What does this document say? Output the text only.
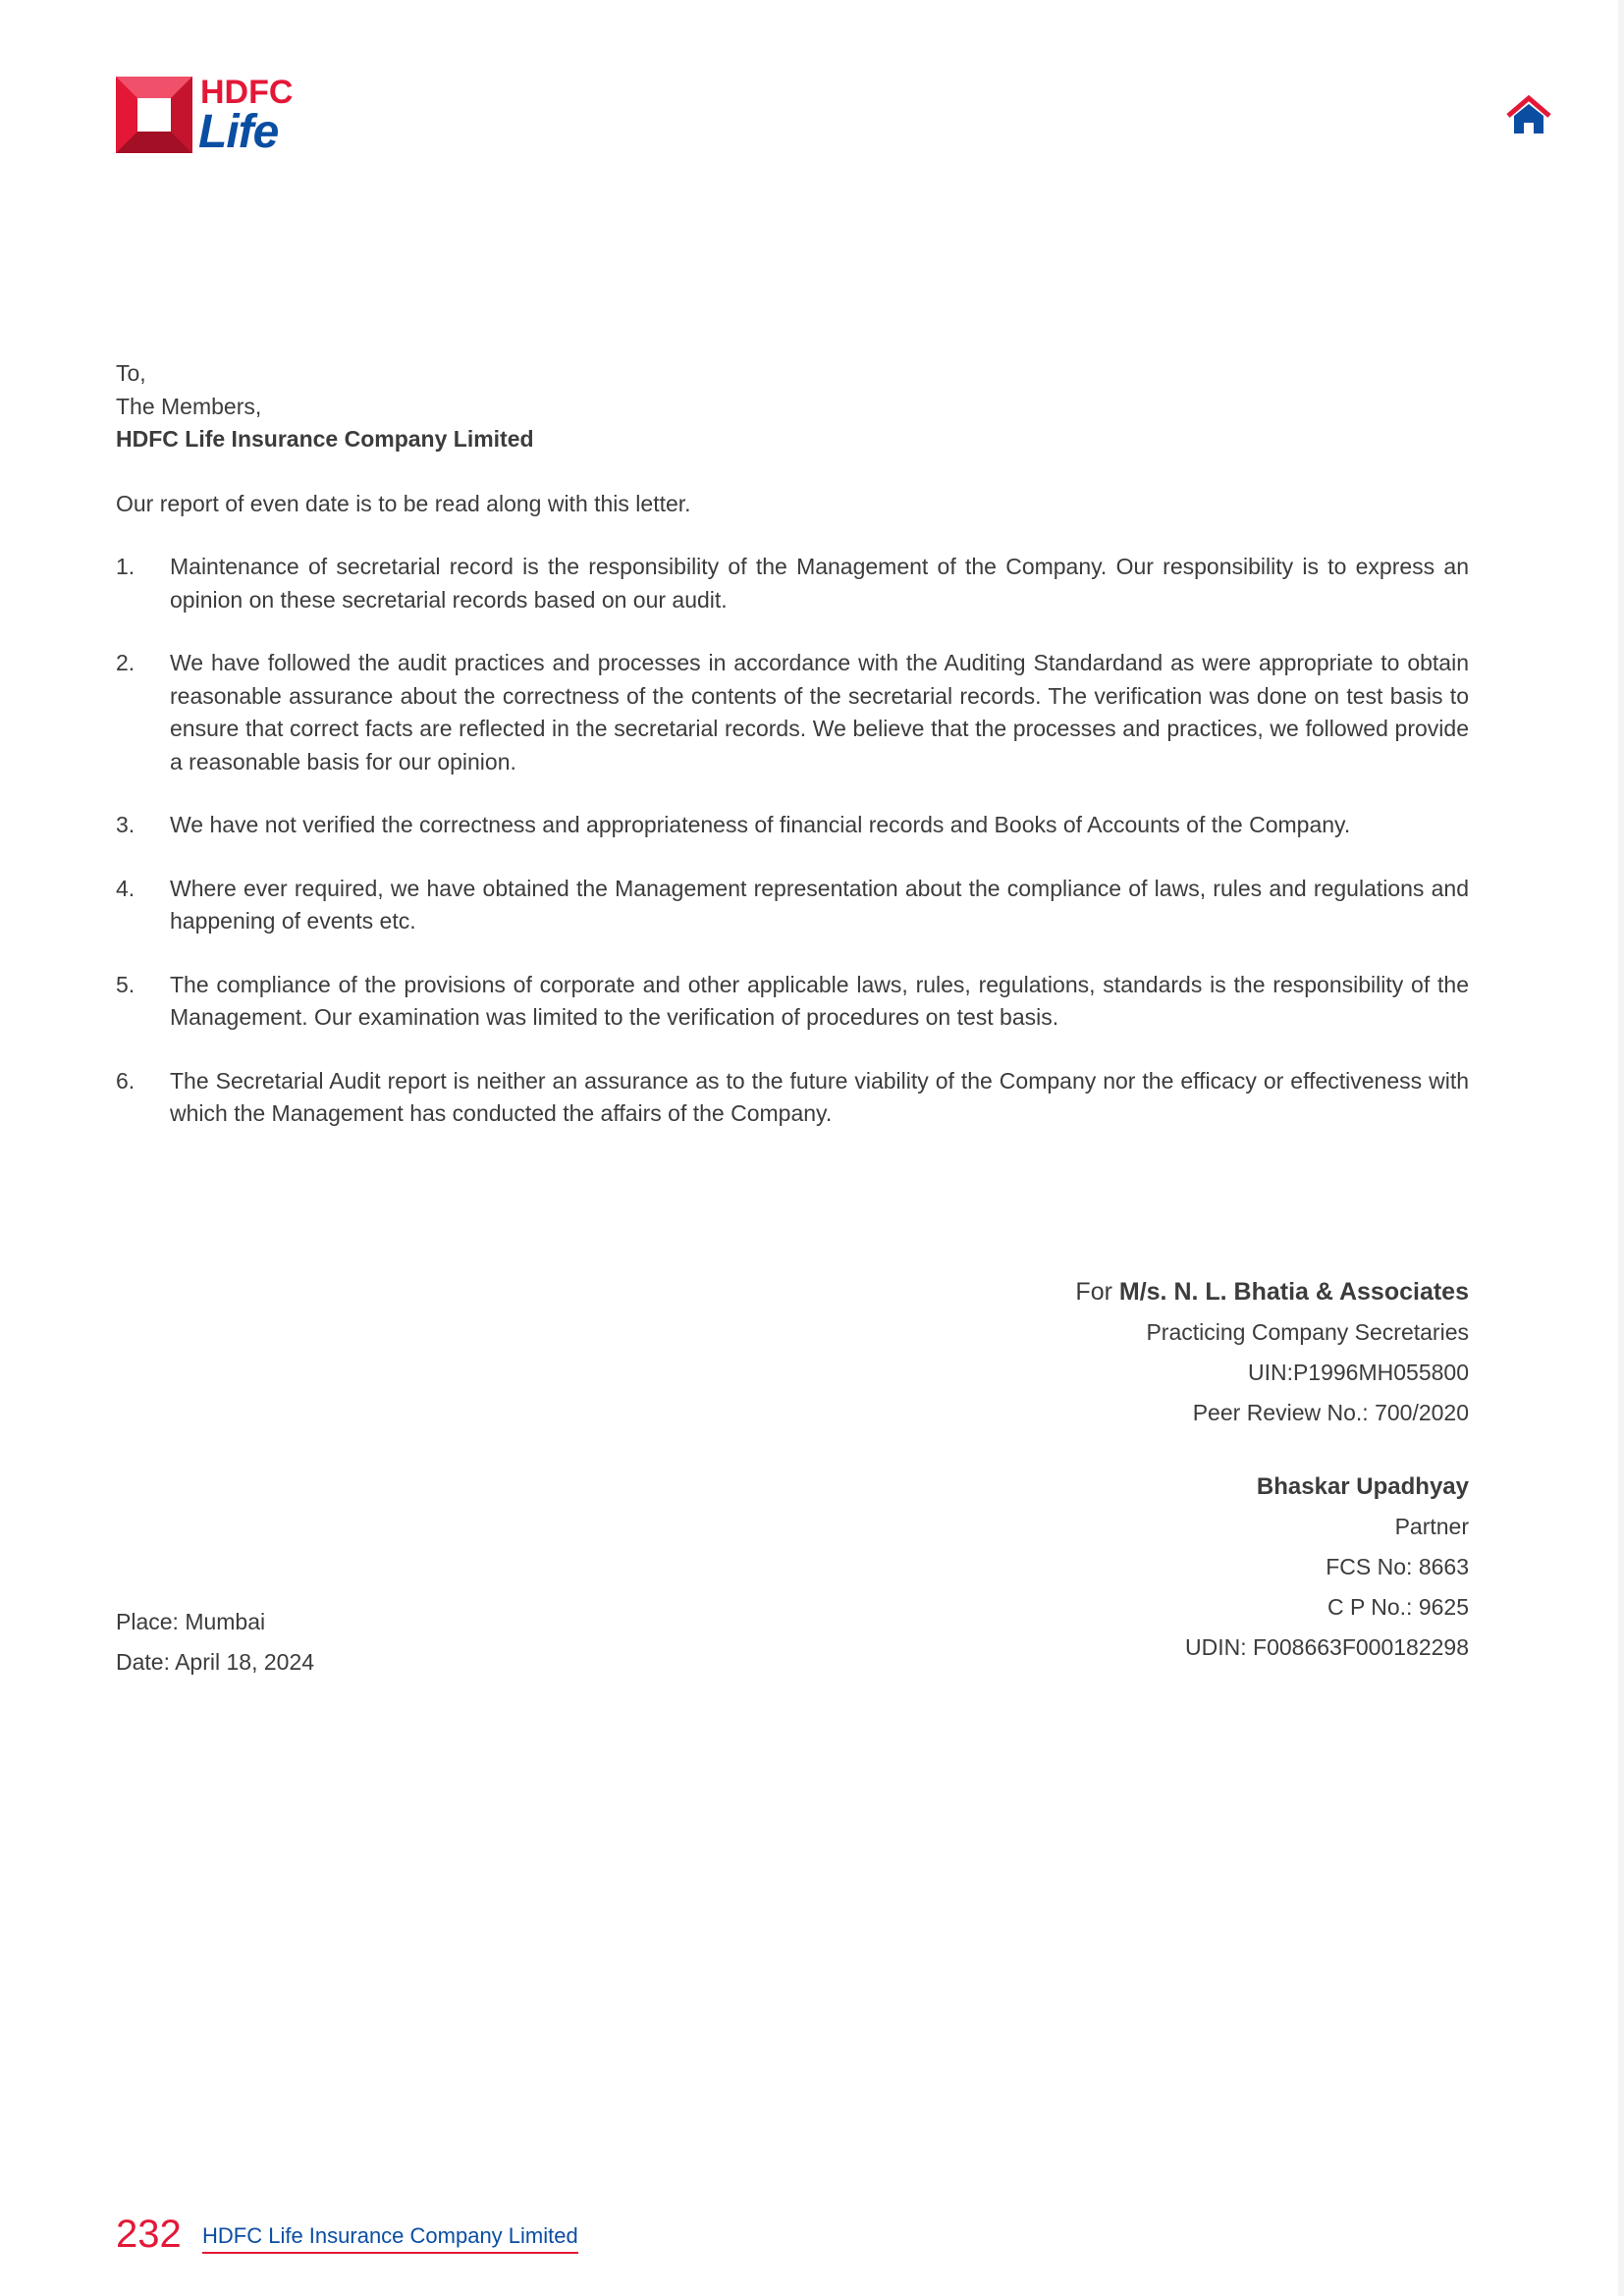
HDFC
Life
To,
The Members,
HDFC Life Insurance Company Limited
Our report of even date is to be read along with this letter.
1. Maintenance of secretarial record is the responsibility of the Management of the Company. Our responsibility is to express an opinion on these secretarial records based on our audit.
2. We have followed the audit practices and processes in accordance with the Auditing Standardand as were appropriate to obtain reasonable assurance about the correctness of the contents of the secretarial records. The verification was done on test basis to ensure that correct facts are reflected in the secretarial records. We believe that the processes and practices, we followed provide a reasonable basis for our opinion.
3. We have not verified the correctness and appropriateness of financial records and Books of Accounts of the Company.
4. Where ever required, we have obtained the Management representation about the compliance of laws, rules and regulations and happening of events etc.
5. The compliance of the provisions of corporate and other applicable laws, rules, regulations, standards is the responsibility of the Management. Our examination was limited to the verification of procedures on test basis.
6. The Secretarial Audit report is neither an assurance as to the future viability of the Company nor the efficacy or effectiveness with which the Management has conducted the affairs of the Company.
For M/s. N. L. Bhatia & Associates
Practicing Company Secretaries
UIN:P1996MH055800
Peer Review No.: 700/2020
Bhaskar Upadhyay
Partner
FCS No: 8663
C P No.: 9625
UDIN: F008663F000182298
Place: Mumbai
Date: April 18, 2024
232 HDFC Life Insurance Company Limited
